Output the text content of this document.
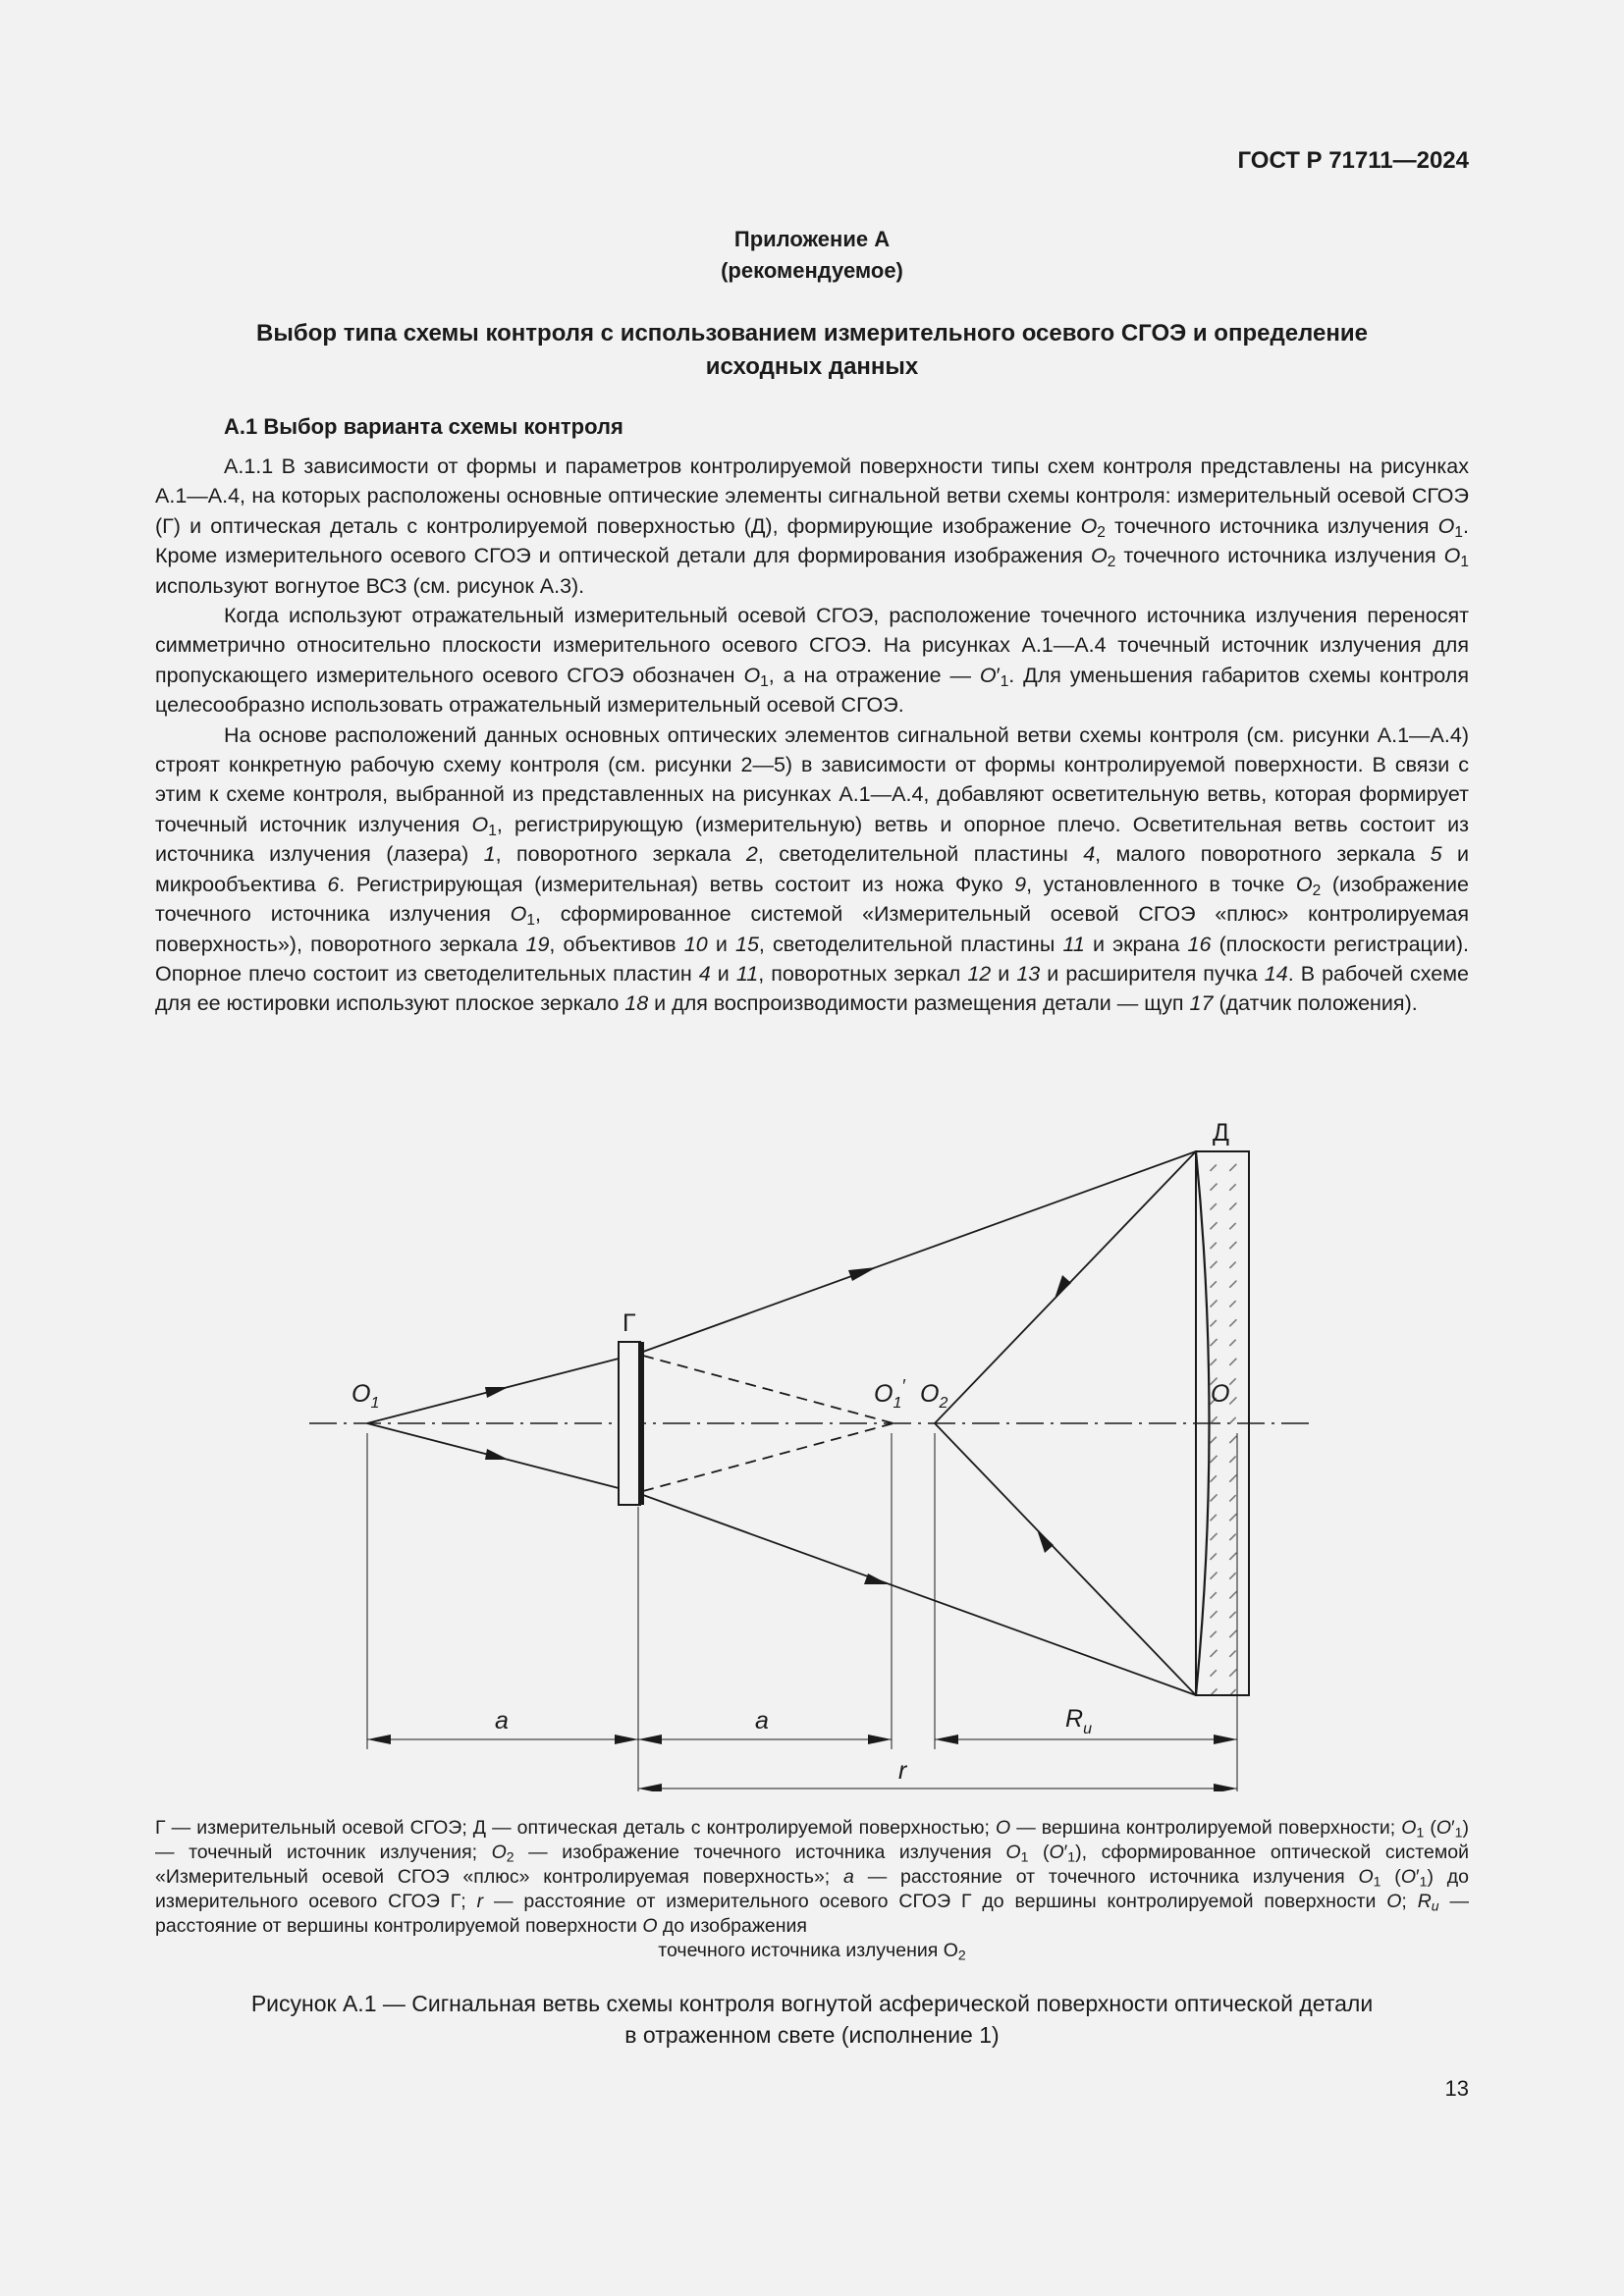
ГОСТ Р 71711—2024
Приложение А
(рекомендуемое)
Выбор типа схемы контроля с использованием измерительного осевого СГОЭ и определение
исходных данных
А.1 Выбор варианта схемы контроля

А.1.1 В зависимости от формы и параметров контролируемой поверхности типы схем контроля представлены на рисунках А.1—А.4, на которых расположены основные оптические элементы сигнальной ветви схемы контроля: измерительный осевой СГОЭ (Г) и оптическая деталь с контролируемой поверхностью (Д), формирующие изображение $O_2$ точечного источника излучения $O_1$. Кроме измерительного осевого СГОЭ и оптической детали для формирования изображения $O_2$ точечного источника излучения $O_1$ используют вогнутое ВСЗ (см. рисунок А.3).

Когда используют отражательный измерительный осевой СГОЭ, расположение точечного источника излучения переносят симметрично относительно плоскости измерительного осевого СГОЭ. На рисунках А.1—А.4 точечный источник излучения для пропускающего измерительного осевого СГОЭ обозначен $O_1$, а на отражение — $O'_1$. Для уменьшения габаритов схемы контроля целесообразно использовать отражательный измерительный осевой СГОЭ.

На основе расположений данных основных оптических элементов сигнальной ветви схемы контроля (см. рисунки А.1—А.4) строят конкретную рабочую схему контроля (см. рисунки 2—5) в зависимости от формы контролируемой поверхности. В связи с этим к схеме контроля, выбранной из представленных на рисунках А.1—А.4, добавляют осветительную ветвь, которая формирует точечный источник излучения $O_1$, регистрирующую (измерительную) ветвь и опорное плечо. Осветительная ветвь состоит из источника излучения (лазера) 1, поворотного зеркала 2, светоделительной пластины 4, малого поворотного зеркала 5 и микрообъектива 6. Регистрирующая (измерительная) ветвь состоит из ножа Фуко 9, установленного в точке $O_2$ (изображение точечного источника излучения $O_1$, сформированное системой «Измерительный осевой СГОЭ «плюс» контролируемая поверхность»), поворотного зеркала 19, объективов 10 и 15, светоделительной пластины 11 и экрана 16 (плоскости регистрации). Опорное плечо состоит из светоделительных пластин 4 и 11, поворотных зеркал 12 и 13 и расширителя пучка 14. В рабочей схеме для ее юстировки используют плоское зеркало 18 и для воспроизводимости размещения детали — щуп 17 (датчик положения).

Д
Г
$O_1$	$O_1'$ $O_2$	O
a	a	$R_u$
r
Г — измерительный осевой СГОЭ; Д — оптическая деталь с контролируемой поверхностью; O — вершина контролируемой поверхности; $O_1$ $(O'_1)$ — точечный источник излучения; $O_2$ — изображение точечного источника излучения $O_1$ $(O'_1)$, сформированное оптической системой «Измерительный осевой СГОЭ «плюс» контролируемая поверхность»; a — расстояние от точечного источника излучения $O_1$ $(O'_1)$ до измерительного осевого СГОЭ Г; r — расстояние от измерительного осевого СГОЭ Г до вершины контролируемой поверхности O; $R_u$ — расстояние от вершины контролируемой поверхности O до изображения
точечного источника излучения $O_2$
Рисунок А.1 — Сигнальная ветвь схемы контроля вогнутой асферической поверхности оптической детали
в отраженном свете (исполнение 1)
13
